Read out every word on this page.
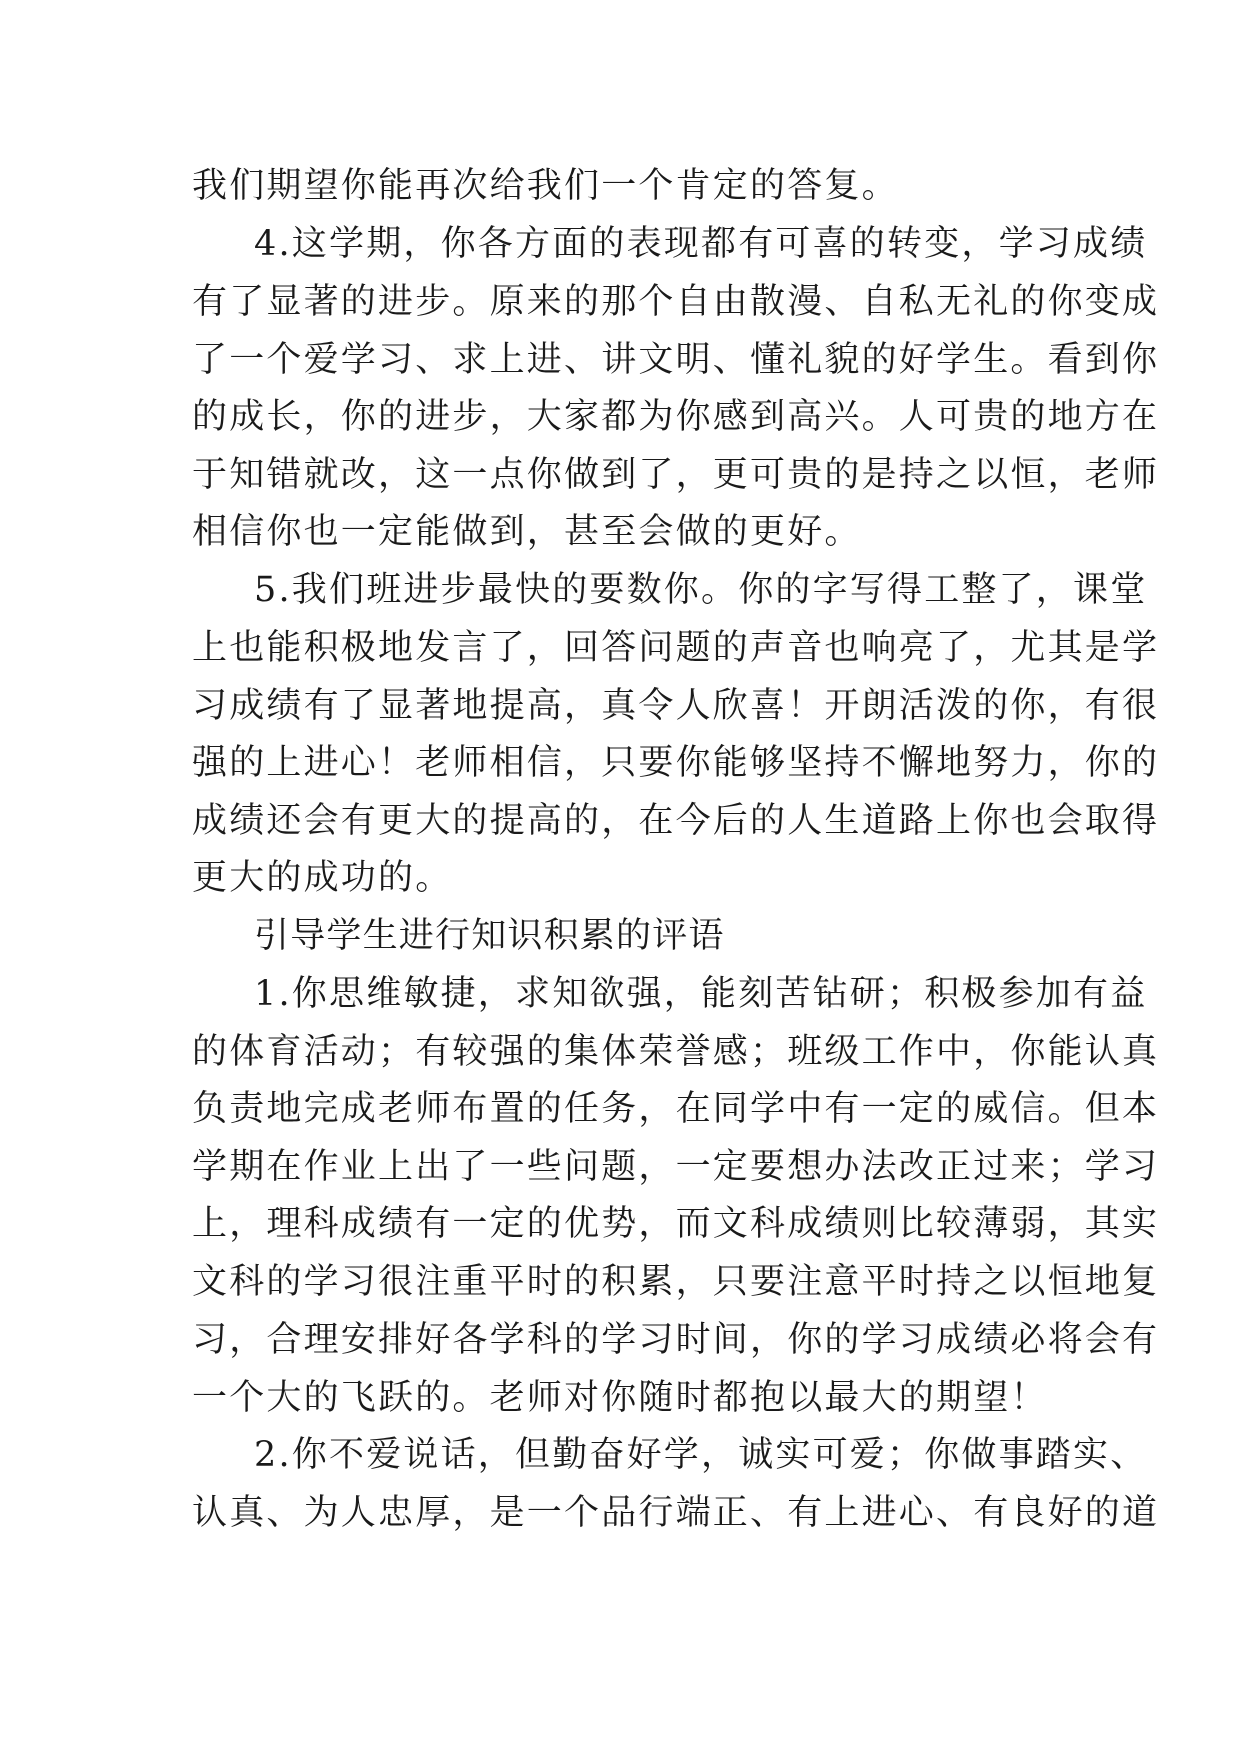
我们期望你能再次给我们一个肯定的答复。

4.这学期，你各方面的表现都有可喜的转变，学习成绩

有了显著的进步。原来的那个自由散漫、自私无礼的你变成

了一个爱学习、求上进、讲文明、懂礼貌的好学生。看到你

的成长，你的进步，大家都为你感到高兴。人可贵的地方在

于知错就改，这一点你做到了，更可贵的是持之以恒，老师

相信你也一定能做到，甚至会做的更好。

5.我们班进步最快的要数你。你的字写得工整了，课堂

上也能积极地发言了，回答问题的声音也响亮了，尤其是学

习成绩有了显著地提高，真令人欣喜！开朗活泼的你，有很

强的上进心！老师相信，只要你能够坚持不懈地努力，你的

成绩还会有更大的提高的，在今后的人生道路上你也会取得

更大的成功的。

引导学生进行知识积累的评语

1.你思维敏捷，求知欲强，能刻苦钻研；积极参加有益

的体育活动；有较强的集体荣誉感；班级工作中，你能认真

负责地完成老师布置的任务，在同学中有一定的威信。但本

学期在作业上出了一些问题，一定要想办法改正过来；学习

上，理科成绩有一定的优势，而文科成绩则比较薄弱，其实

文科的学习很注重平时的积累，只要注意平时持之以恒地复

习，合理安排好各学科的学习时间，你的学习成绩必将会有

一个大的飞跃的。老师对你随时都抱以最大的期望！

2.你不爱说话，但勤奋好学，诚实可爱；你做事踏实、

认真、为人忠厚，是一个品行端正、有上进心、有良好的道
